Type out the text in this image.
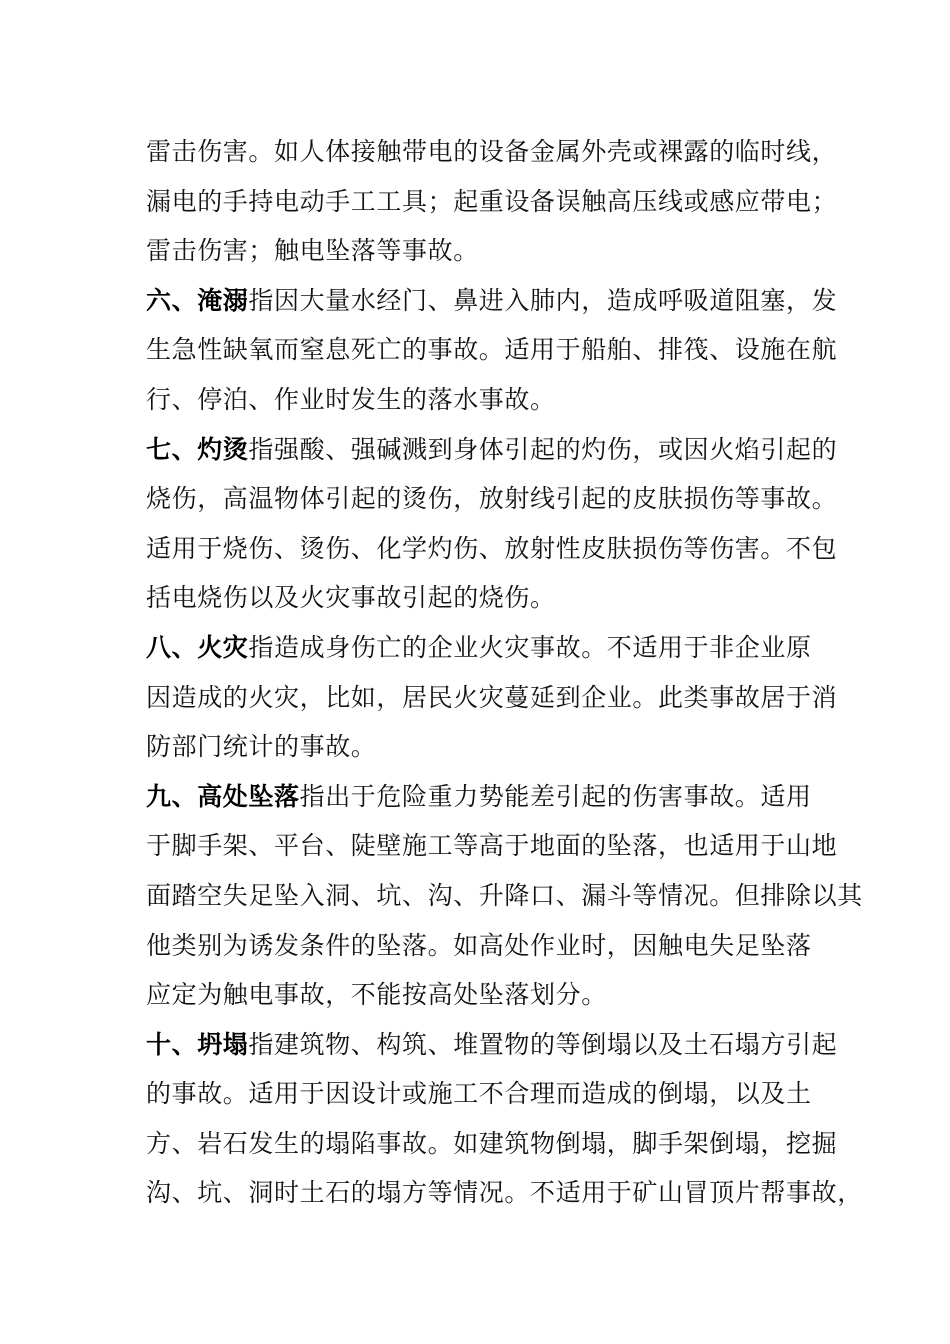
雷击伤害。如人体接触带电的设备金属外壳或裸露的临时线，
漏电的手持电动手工工具；起重设备误触高压线或感应带电；
雷击伤害；触电坠落等事故。

六、淹溺指因大量水经门、鼻进入肺内，造成呼吸道阻塞，发
生急性缺氧而窒息死亡的事故。适用于船舶、排筏、设施在航
行、停泊、作业时发生的落水事故。

七、灼烫指强酸、强碱溅到身体引起的灼伤，或因火焰引起的
烧伤，高温物体引起的烫伤，放射线引起的皮肤损伤等事故。
适用于烧伤、烫伤、化学灼伤、放射性皮肤损伤等伤害。不包
括电烧伤以及火灾事故引起的烧伤。

八、火灾指造成身伤亡的企业火灾事故。不适用于非企业原
因造成的火灾，比如，居民火灾蔓延到企业。此类事故居于消
防部门统计的事故。

九、高处坠落指出于危险重力势能差引起的伤害事故。适用
于脚手架、平台、陡壁施工等高于地面的坠落，也适用于山地
面踏空失足坠入洞、坑、沟、升降口、漏斗等情况。但排除以其
他类别为诱发条件的坠落。如高处作业时，因触电失足坠落
应定为触电事故，不能按高处坠落划分。

十、坍塌指建筑物、构筑、堆置物的等倒塌以及土石塌方引起
的事故。适用于因设计或施工不合理而造成的倒塌，以及土
方、岩石发生的塌陷事故。如建筑物倒塌，脚手架倒塌，挖掘
沟、坑、洞时土石的塌方等情况。不适用于矿山冒顶片帮事故，
